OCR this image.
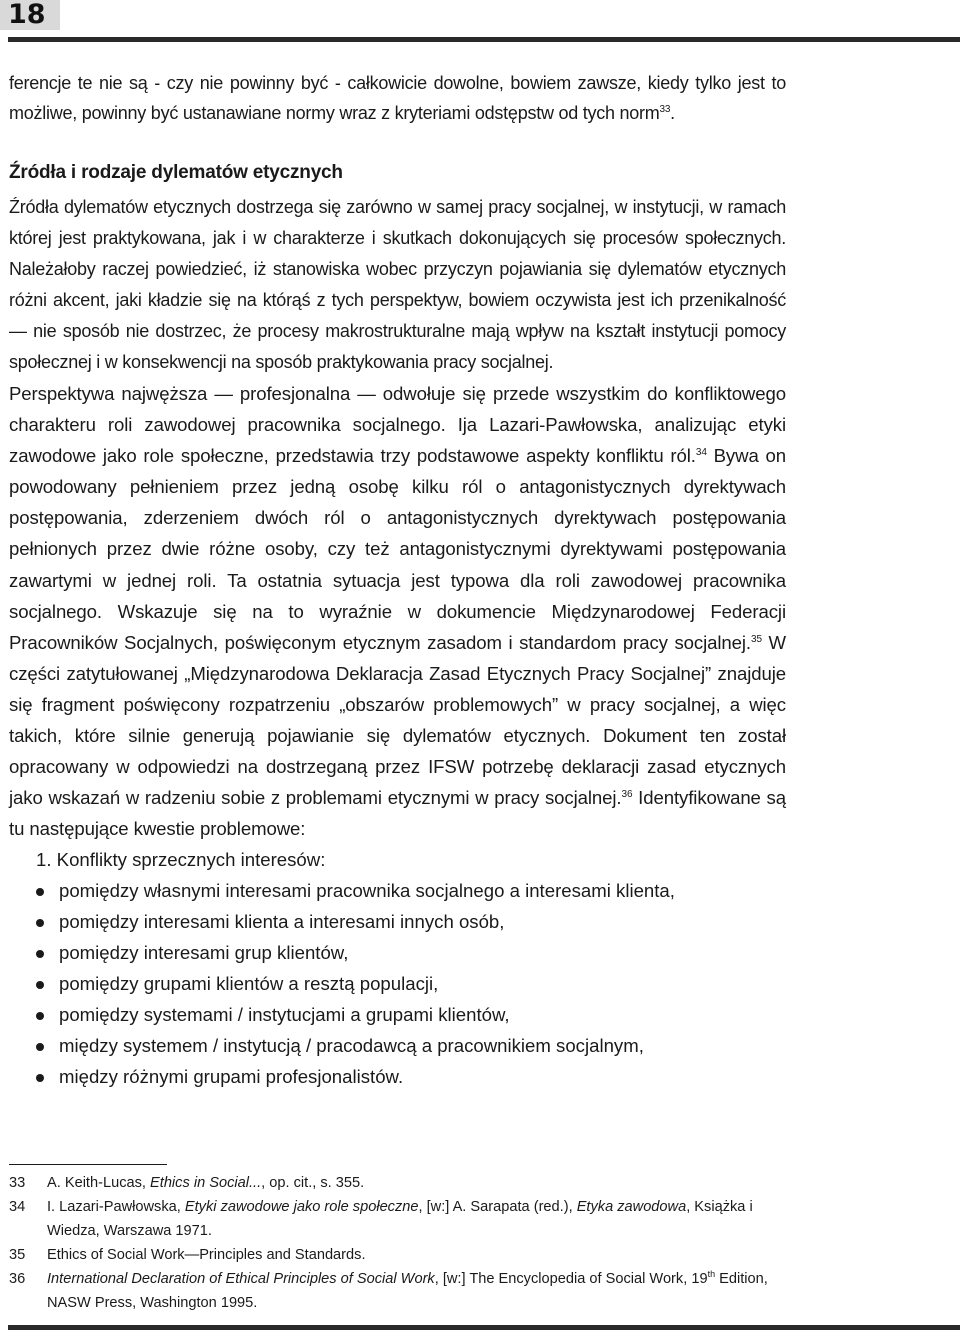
18

ferencje te nie są - czy nie powinny być - całkowicie dowolne, bowiem zawsze, kiedy tylko jest to możliwe, powinny być ustanawiane normy wraz z kryteriami odstępstw od tych norm$^{33}$.

Źródła i rodzaje dylematów etycznych

Źródła dylematów etycznych dostrzega się zarówno w samej pracy socjalnej, w instytucji, w ramach której jest praktykowana, jak i w charakterze i skutkach dokonujących się procesów społecznych. Należałoby raczej powiedzieć, iż stanowiska wobec przyczyn pojawiania się dylematów etycznych różni akcent, jaki kładzie się na którąś z tych perspektyw, bowiem oczywista jest ich przenikalność — nie sposób nie dostrzec, że procesy makrostrukturalne mają wpływ na kształt instytucji pomocy społecznej i w konsekwencji na sposób praktykowania pracy socjalnej.

Perspektywa najwęższa — profesjonalna — odwołuje się przede wszystkim do konfliktowego charakteru roli zawodowej pracownika socjalnego. Ija Lazari-Pawłowska, analizując etyki zawodowe jako role społeczne, przedstawia trzy podstawowe aspekty konfliktu ról.$^{34}$ Bywa on powodowany pełnieniem przez jedną osobę kilku ról o antagonistycznych dyrektywach postępowania, zderzeniem dwóch ról o antagonistycznych dyrektywach postępowania pełnionych przez dwie różne osoby, czy też antagonistycznymi dyrektywami postępowania zawartymi w jednej roli. Ta ostatnia sytuacja jest typowa dla roli zawodowej pracownika socjalnego. Wskazuje się na to wyraźnie w dokumencie Międzynarodowej Federacji Pracowników Socjalnych, poświęconym etycznym zasadom i standardom pracy socjalnej.$^{35}$ W części zatytułowanej „Międzynarodowa Deklaracja Zasad Etycznych Pracy Socjalnej” znajduje się fragment poświęcony rozpatrzeniu „obszarów problemowych” w pracy socjalnej, a więc takich, które silnie generują pojawianie się dylematów etycznych. Dokument ten został opracowany w odpowiedzi na dostrzeganą przez IFSW potrzebę deklaracji zasad etycznych jako wskazań w radzeniu sobie z problemami etycznymi w pracy socjalnej.$^{36}$ Identyfikowane są tu następujące kwestie problemowe:

1. Konflikty sprzecznych interesów:
pomiędzy własnymi interesami pracownika socjalnego a interesami klienta,
pomiędzy interesami klienta a interesami innych osób,
pomiędzy interesami grup klientów,
pomiędzy grupami klientów a resztą populacji,
pomiędzy systemami / instytucjami a grupami klientów,
między systemem / instytucją / pracodawcą a pracownikiem socjalnym,
między różnymi grupami profesjonalistów.
33	A. Keith-Lucas, Ethics in Social..., op. cit., s. 355.
34	I. Lazari-Pawłowska, Etyki zawodowe jako role społeczne, [w:] A. Sarapata (red.), Etyka zawodowa, Książka i Wiedza, Warszawa 1971.
35	Ethics of Social Work—Principles and Standards.
36	International Declaration of Ethical Principles of Social Work, [w:] The Encyclopedia of Social Work, 19th Edition, NASW Press, Washington 1995.
